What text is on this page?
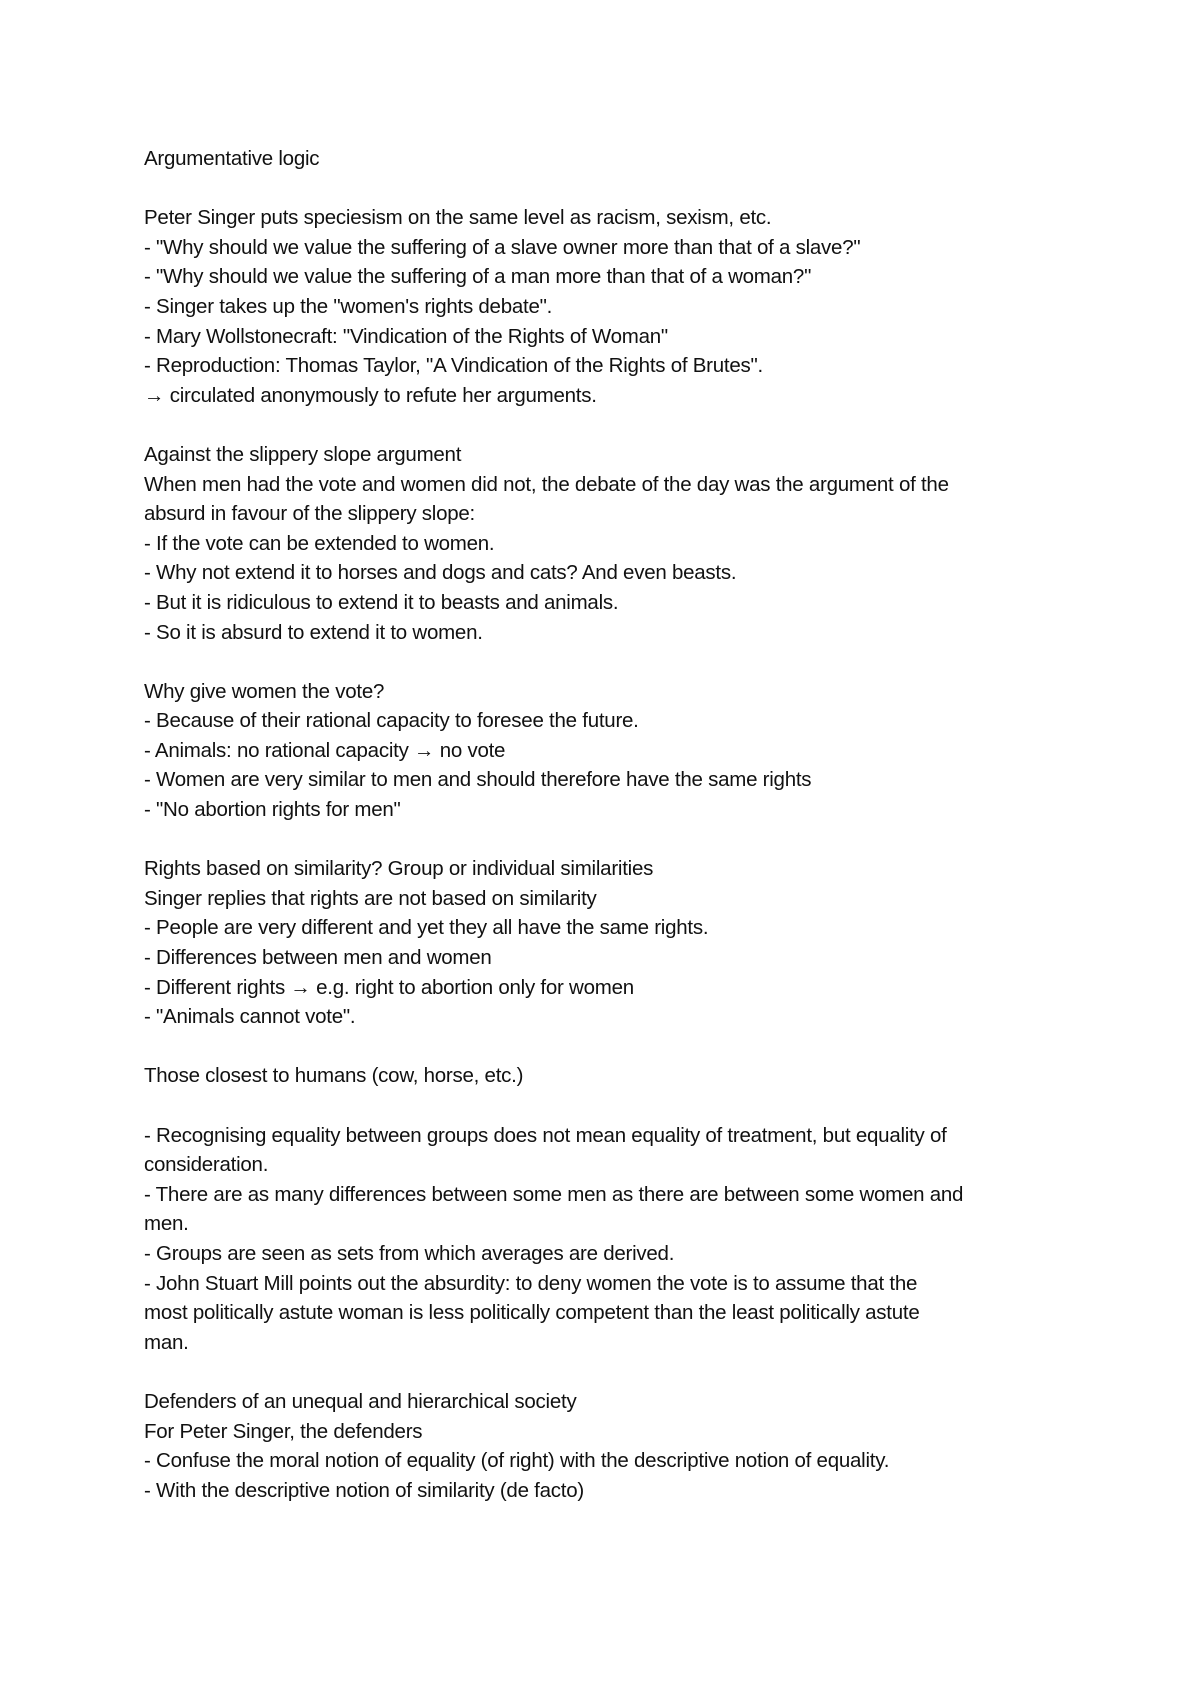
Argumentative logic
Peter Singer puts speciesism on the same level as racism, sexism, etc.
- "Why should we value the suffering of a slave owner more than that of a slave?"
- "Why should we value the suffering of a man more than that of a woman?"
- Singer takes up the "women's rights debate".
- Mary Wollstonecraft: "Vindication of the Rights of Woman"
- Reproduction: Thomas Taylor, "A Vindication of the Rights of Brutes".
→ circulated anonymously to refute her arguments.
Against the slippery slope argument
When men had the vote and women did not, the debate of the day was the argument of the
absurd in favour of the slippery slope:
- If the vote can be extended to women.
- Why not extend it to horses and dogs and cats? And even beasts.
- But it is ridiculous to extend it to beasts and animals.
- So it is absurd to extend it to women.
Why give women the vote?
- Because of their rational capacity to foresee the future.
- Animals: no rational capacity → no vote
- Women are very similar to men and should therefore have the same rights
- "No abortion rights for men"
Rights based on similarity? Group or individual similarities
Singer replies that rights are not based on similarity
- People are very different and yet they all have the same rights.
- Differences between men and women
- Different rights → e.g. right to abortion only for women
- "Animals cannot vote".
Those closest to humans (cow, horse, etc.)
- Recognising equality between groups does not mean equality of treatment, but equality of
consideration.
- There are as many differences between some men as there are between some women and
men.
- Groups are seen as sets from which averages are derived.
- John Stuart Mill points out the absurdity: to deny women the vote is to assume that the
most politically astute woman is less politically competent than the least politically astute
man.
Defenders of an unequal and hierarchical society
For Peter Singer, the defenders
- Confuse the moral notion of equality (of right) with the descriptive notion of equality.
- With the descriptive notion of similarity (de facto)
